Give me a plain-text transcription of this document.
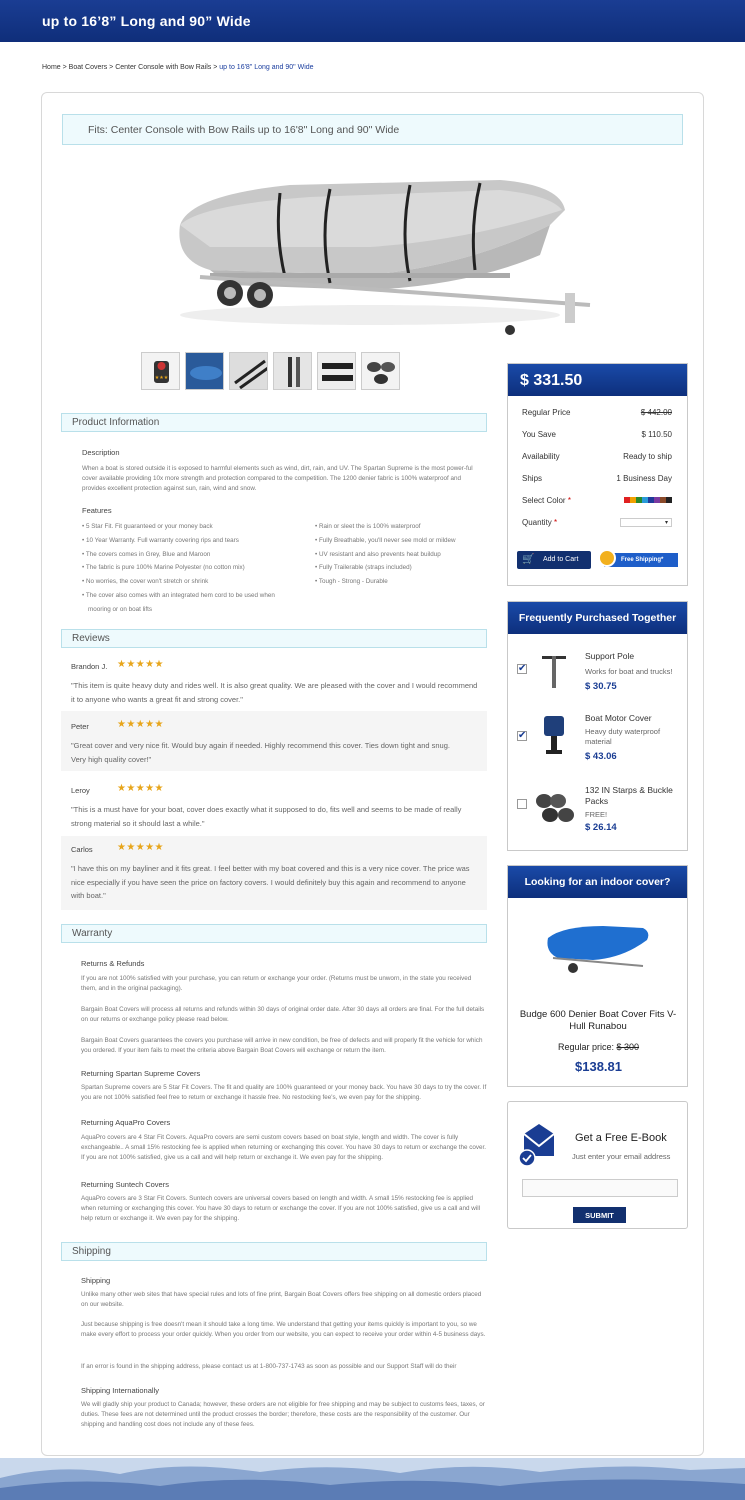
up to 16’8” Long and 90” Wide
Home > Boat Covers > Center Console with Bow Rails > up to 16'8" Long and 90" Wide
Fits: Center Console with Bow Rails up to 16'8" Long and 90" Wide
★★★
Product Information
Description
When a boat is stored outside it is exposed to harmful elements such as wind, dirt, rain, and UV. The Spartan Supreme is the most power-ful cover available providing 10x more strength and protection compared to the competition. The 1200 denier fabric is 100% waterproof and provides excellent protection against sun, rain, wind and snow.
Features
• 5 Star Fit. Fit guaranteed or your money back
• 10 Year Warranty. Full warranty covering rips and tears
• The covers comes in Grey, Blue and Maroon
• The fabric is pure 100% Marine Polyester (no cotton mix)
• No worries, the cover won't stretch or shrink
• The cover also comes with an integrated hem cord to be used when
mooring or on boat lifts
• Rain or sleet the is 100% waterproof
• Fully Breathable, you'll never see mold or mildew
• UV resistant and also prevents heat buildup
• Fully Trailerable (straps included)
• Tough - Strong - Durable
Reviews
Brandon J. ★★★★★
"This item is quite heavy duty and rides well. It is also great quality. We are pleased with the cover and I would recommend it to anyone who wants a great fit and strong cover."
Peter	★★★★★
"Great cover and very nice fit. Would buy again if needed. Highly recommend this cover. Ties down tight and snug. Very high quality cover!"
Leroy	★★★★★
"This is a must have for your boat, cover does exactly what it supposed to do, fits well and seems to be made of really strong material so it should last a while."
Carlos ★★★★★
"I have this on my bayliner and it fits great. I feel better with my boat covered and this is a very nice cover. The price was nice especially if you have seen the price on factory covers. I would definitely buy this again and recommend to anyone with boat."
Warranty
Returns & Refunds
If you are not 100% satisfied with your purchase, you can return or exchange your order. (Returns must be unworn, in the state you received them, and in the original packaging).
Bargain Boat Covers will process all returns and refunds within 30 days of original order date. After 30 days all orders are final. For the full details on our returns or exchange policy please read below.
Bargain Boat Covers guarantees the covers you purchase will arrive in new condition, be free of defects and will properly fit the vehicle for which you ordered. If your item fails to meet the criteria above Bargain Boat Covers will exchange or return the item.
Returning Spartan Supreme Covers
Spartan Supreme covers are 5 Star Fit Covers. The fit and quality are 100% guaranteed or your money back. You have 30 days to try the cover. If you are not 100% satisfied feel free to return or exchange it hassle free. No restocking fee's, we even pay for the shipping.
Returning AquaPro Covers
AquaPro covers are 4 Star Fit Covers. AquaPro covers are semi custom covers based on boat style, length and width. The cover is fully exchangeable.. A small 15% restocking fee is applied when returning or exchanging this cover. You have 30 days to return or exchange the cover. If you are not 100% satisfied, give us a call and will help return or exchange it. We even pay for the shipping.
Returning Suntech Covers
AquaPro covers are 3 Star Fit Covers. Suntech covers are universal covers based on length and width. A small 15% restocking fee is applied when returning or exchanging this cover. You have 30 days to return or exchange the cover. If you are not 100% satisfied, give us a call and will help return or exchange it. We even pay for the shipping.
Shipping
Shipping
Unlike many other web sites that have special rules and lots of fine print, Bargain Boat Covers offers free shipping on all domestic orders placed on our website.
Just because shipping is free doesn't mean it should take a long time. We understand that getting your items quickly is important to you, so we make every effort to process your order quickly. When you order from our website, you can expect to receive your order within 4-5 business days.
If an error is found in the shipping address, please contact us at 1-800-737-1743 as soon as possible and our Support Staff will do their
Shipping Internationally
We will gladly ship your product to Canada; however, these orders are not eligible for free shipping and may be subject to customs fees, taxes, or duties. These fees are not determined until the product crosses the border; therefore, these costs are the responsibility of the customer. Our shipping and handling cost does not include any of these fees.
$ 331.50
Regular Price	$ 442.00
You Save	$ 110.50
Availability	Ready to ship
Ships	1 Business Day
Select Color *
Quantity *	▾
🛒 Add to Cart	Free Shipping*
Frequently Purchased Together
✔
Support Pole
Works for boat and trucks!
$ 30.75
✔
Boat Motor Cover
Heavy duty waterproof material
$ 43.06
132 IN Starps & Buckle Packs
FREE!
$ 26.14
Looking for an indoor cover?
Budge 600 Denier Boat Cover Fits V- Hull Runabou
Regular price: $ 300
$138.81
Get a Free E-Book
Just enter your email address
SUBMIT
